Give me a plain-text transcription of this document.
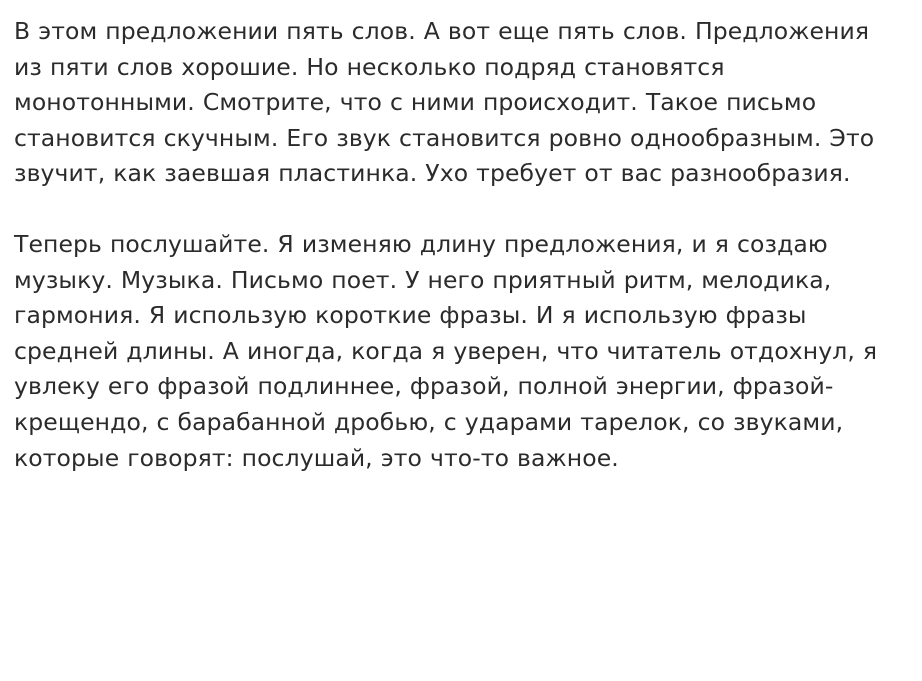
В этом предложении пять слов. А вот еще пять слов. Предложения из пяти слов хорошие. Но несколько подряд становятся монотонными. Смотрите, что с ними происходит. Такое письмо становится скучным. Его звук становится ровно однообразным. Это звучит, как заевшая пластинка. Ухо требует от вас разнообразия.

Теперь послушайте. Я изменяю длину предложения, и я создаю музыку. Музыка. Письмо поет. У него приятный ритм, мелодика, гармония. Я использую короткие фразы. И я использую фразы средней длины. А иногда, когда я уверен, что читатель отдохнул, я увлеку его фразой подлиннее, фразой, полной энергии, фразой-крещендо, с барабанной дробью, с ударами тарелок, со звуками, которые говорят: послушай, это что-то важное.
